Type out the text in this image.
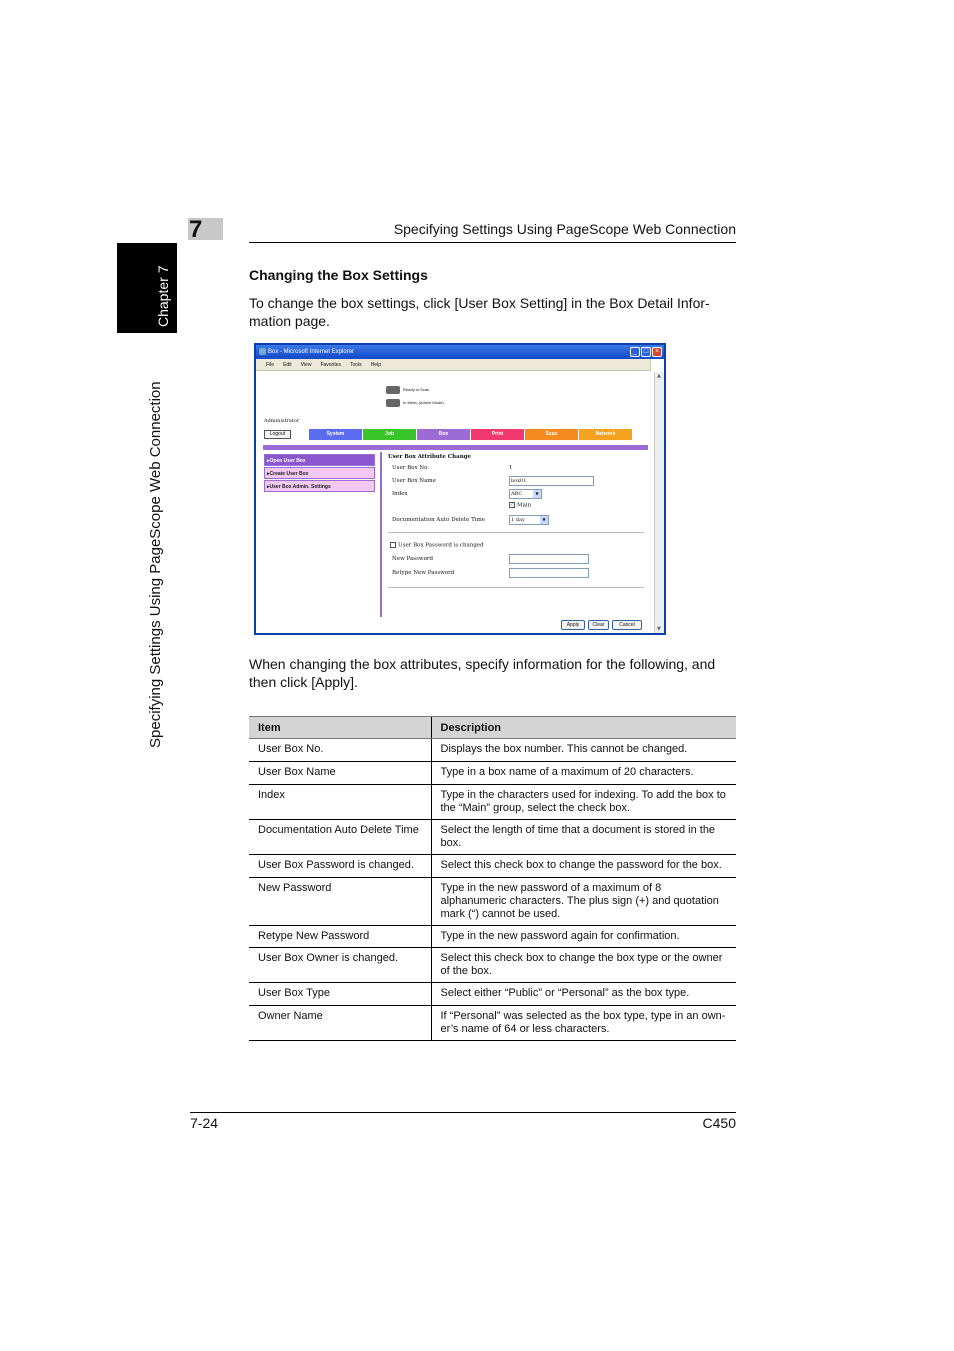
Chapter 7
Specifying Settings Using PageScope Web Connection
7	Specifying Settings Using PageScope Web Connection
Changing the Box Settings
To change the box settings, click [User Box Setting] in the Box Detail Infor-mation page.
Box - Microsoft Internet Explorer	_ □ ×
File Edit View Favorites Tools Help
Ready to Scan
In Menu (Admin Mode)
Administrator
Logout	System	Job	Box	Print	Scan	Network
▸Open User Box
▸Create User Box
▸User Box Admin. Settings
User Box Attribute Change
User Box No.	1
User Box Name	box01
Index	ABC	▼
✓ Main
Documentation Auto Delete Time	1 day	▼
User Box Password is changed
New Password
Retype New Password
Apply	Clear	Cancel
▲ ▼
When changing the box attributes, specify information for the following, and then click [Apply].
Item	Description
User Box No.	Displays the box number. This cannot be changed.
User Box Name	Type in a box name of a maximum of 20 characters.
Index	Type in the characters used for indexing. To add the box to the “Main” group, select the check box.
Documentation Auto Delete Time	Select the length of time that a document is stored in the box.
User Box Password is changed.	Select this check box to change the password for the box.
New Password	Type in the new password of a maximum of 8 alphanumeric characters. The plus sign (+) and quotation mark (“) cannot be used.
Retype New Password	Type in the new password again for confirmation.
User Box Owner is changed.	Select this check box to change the box type or the owner of the box.
User Box Type	Select either “Public” or “Personal” as the box type.
Owner Name	If “Personal” was selected as the box type, type in an own-er’s name of 64 or less characters.
7-24	C450
